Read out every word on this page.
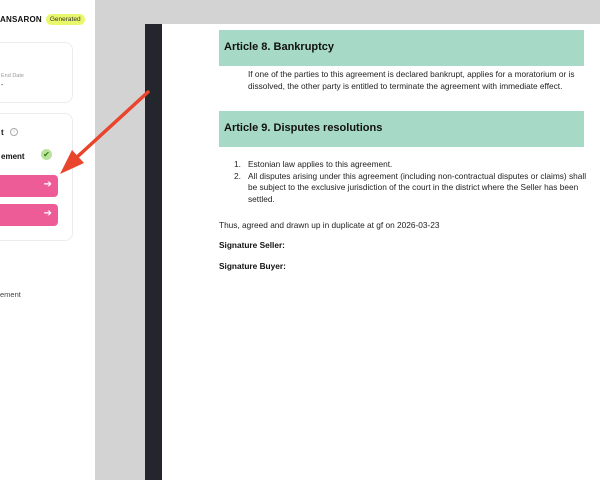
ANSARON	Generated
End Date
-
t	i
ement ✔
➔
➔
ement
Article 8. Bankruptcy
If one of the parties to this agreement is declared bankrupt, applies for a moratorium or is dissolved, the other party is entitled to terminate the agreement with immediate effect.
Article 9. Disputes resolutions
1. Estonian law applies to this agreement.
2. All disputes arising under this agreement (including non-contractual disputes or claims) shall be subject to the exclusive jurisdiction of the court in the district where the Seller has been settled.
Thus, agreed and drawn up in duplicate at gf on 2026-03-23
Signature Seller:
Signature Buyer:
